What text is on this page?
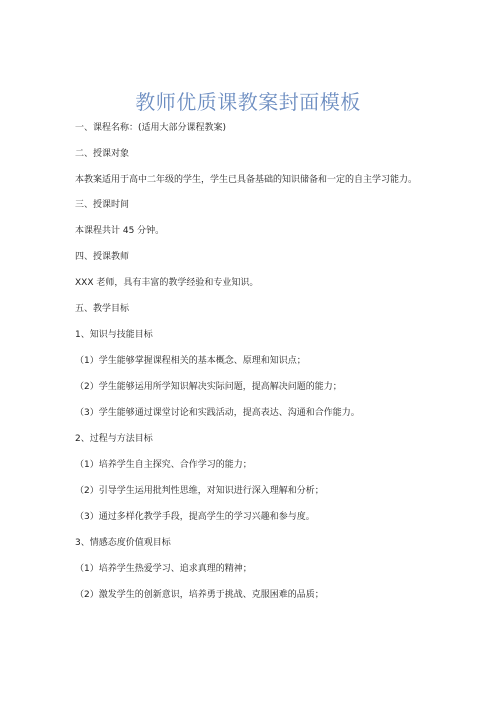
教师优质课教案封面模板
一、课程名称：(适用大部分课程教案)
二、授课对象
本教案适用于高中二年级的学生，学生已具备基础的知识储备和一定的自主学习能力。
三、授课时间
本课程共计 45 分钟。
四、授课教师
XXX 老师，具有丰富的教学经验和专业知识。
五、教学目标
1、知识与技能目标
（1）学生能够掌握课程相关的基本概念、原理和知识点；
（2）学生能够运用所学知识解决实际问题，提高解决问题的能力；
（3）学生能够通过课堂讨论和实践活动，提高表达、沟通和合作能力。
2、过程与方法目标
（1）培养学生自主探究、合作学习的能力；
（2）引导学生运用批判性思维，对知识进行深入理解和分析；
（3）通过多样化教学手段，提高学生的学习兴趣和参与度。
3、情感态度价值观目标
（1）培养学生热爱学习、追求真理的精神；
（2）激发学生的创新意识，培养勇于挑战、克服困难的品质；
